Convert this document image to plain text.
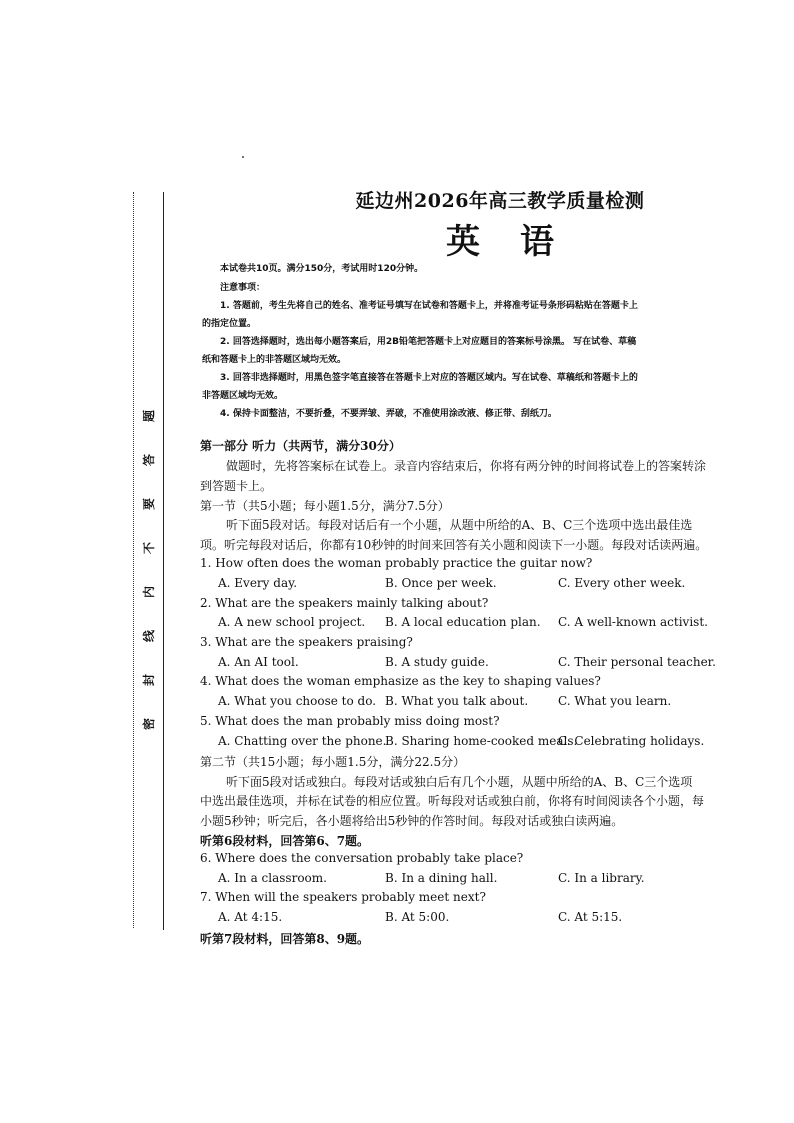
密
封
线
内
不
要
答
题
延边州2026年高三教学质量检测
英语
本试卷共10页。满分150分，考试用时120分钟。
注意事项：
1. 答题前，考生先将自己的姓名、准考证号填写在试卷和答题卡上，并将准考证号条形码粘贴在答题卡上
的指定位置。
2. 回答选择题时，选出每小题答案后，用2B铅笔把答题卡上对应题目的答案标号涂黑。 写在试卷、草稿
纸和答题卡上的非答题区域均无效。
3. 回答非选择题时，用黑色签字笔直接答在答题卡上对应的答题区域内。写在试卷、草稿纸和答题卡上的
非答题区域均无效。
4. 保持卡面整洁，不要折叠，不要弄皱、弄破，不准使用涂改液、修正带、刮纸刀。
第一部分 听力（共两节，满分30分）
做题时，先将答案标在试卷上。录音内容结束后，你将有两分钟的时间将试卷上的答案转涂
到答题卡上。
第一节（共5小题；每小题1.5分，满分7.5分）
听下面5段对话。每段对话后有一个小题，从题中所给的A、B、C三个选项中选出最佳选
项。听完每段对话后，你都有10秒钟的时间来回答有关小题和阅读下一小题。每段对话读两遍。
1. How often does the woman probably practice the guitar now?
A. Every day.	B. Once per week.	C. Every other week.
2. What are the speakers mainly talking about?
A. A new school project. B. A local education plan. C. A well-known activist.
3. What are the speakers praising?
A. An AI tool.	B. A study guide.	C. Their personal teacher.
4. What does the woman emphasize as the key to shaping values?
A. What you choose to do. B. What you talk about. C. What you learn.
5. What does the man probably miss doing most?
A. Chatting over the phone.
B. Sharing home-cooked meals.
C. Celebrating holidays.
第二节（共15小题；每小题1.5分，满分22.5分）
听下面5段对话或独白。每段对话或独白后有几个小题，从题中所给的A、B、C三个选项
中选出最佳选项，并标在试卷的相应位置。听每段对话或独白前，你将有时间阅读各个小题，每
小题5秒钟；听完后，各小题将给出5秒钟的作答时间。每段对话或独白读两遍。
听第6段材料，回答第6、7题。
6. Where does the conversation probably take place?
A. In a classroom.	B. In a dining hall.	C. In a library.
7. When will the speakers probably meet next?
A. At 4:15.	B. At 5:00.	C. At 5:15.
听第7段材料，回答第8、9题。
